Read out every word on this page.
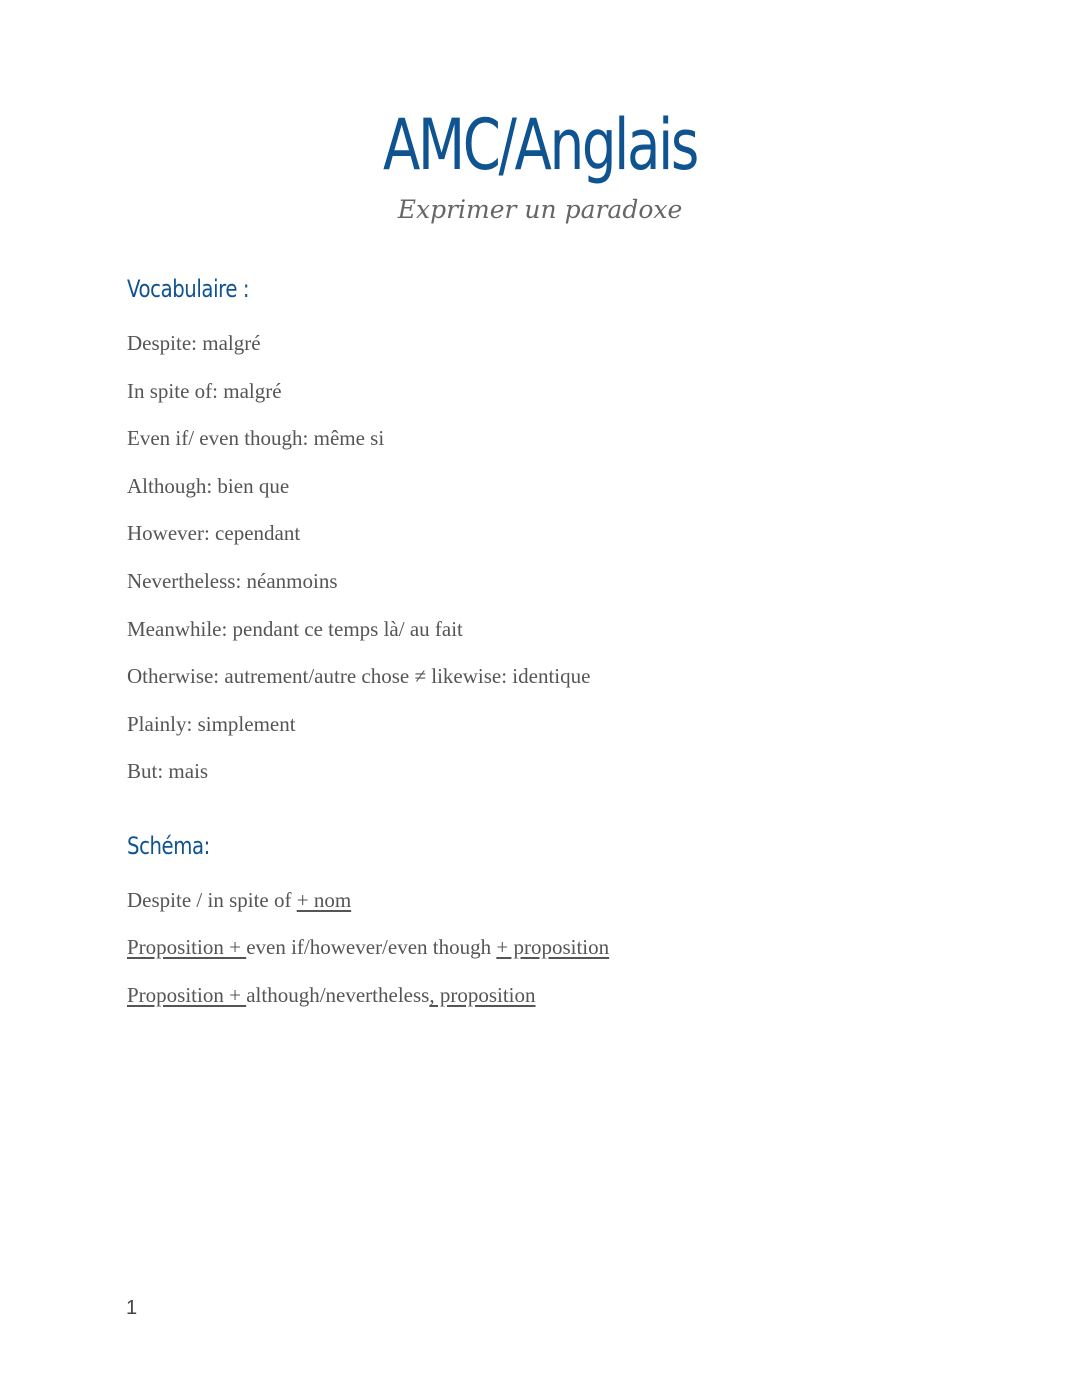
AMC/Anglais
Exprimer un paradoxe
Vocabulaire :
Despite: malgré
In spite of: malgré
Even if/ even though: même si
Although: bien que
However: cependant
Nevertheless: néanmoins
Meanwhile: pendant ce temps là/ au fait
Otherwise: autrement/autre chose ≠ likewise: identique
Plainly: simplement
But: mais
Schéma:
Despite / in spite of + nom
Proposition + even if/however/even though + proposition
Proposition + although/nevertheless, proposition
1
